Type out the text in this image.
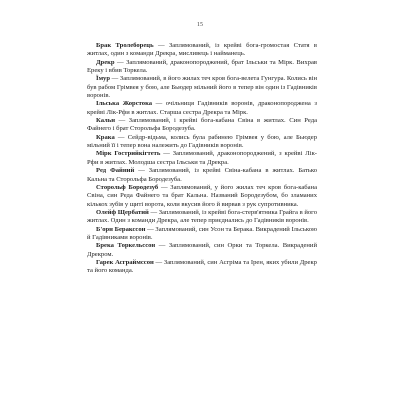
15

Брак Тролеборець — Заплямований, із крейві бога-громостая Статя в житлах, один з команди Дрекра, мисливець і найманець.

Дрекр — Заплямований, драконопороджений, брат Ільськи та Мірк. Вихрав Ереку і вбив Торкела.

Їмур — Заплямований, в його жилах теч кров бога-велета Гунгура. Колись він був рабом Грімвея у бою, але Бьюдер мільний його в тепер він один із Гадівників воронів.

Ільська Жорстока — очільниця Гадівників воронів, драконопороджена з крейві Лік-Рфи в житлах. Старша сестра Дрекра та Мірк.

Кальн — Заплямований, і крейві бога-кабана Свіна в житлах. Син Реда Файнего і брат Сторольфа Бородезуба.

Крака — Сейдр-відьма, колись була рабинею Грімвея у бою, але Бьюдер мільний її і тепер вона належить до Гадівників воронів.

Мірк Гострийкігтеть — Заплямований, драконопороджений, з крейві Лік-Рфи в житлах. Молодша сестра Ільськи та Дрекра.

Ред Файний — Заплямований, із крейві Свіна-кабана в житлах. Батько Кальна та Сторольфа Бородезуба.

Сторольф Бородезуб — Заплямований, у його жилах теч кров бога-кабана Свіна, син Реда Файнего та брат Кальна. Названий Бородезубом, бо зламаних кількох зубів у щиті ворота, коли вкусив його й вирвав з рук супротивника.

Олейф Щербатий — Заплямований, із крейві бога-стерв'ятника Грайга в його житлах. Один з команди Дрекра, але тепер приєднались до Гадівників воронів.

Б'орн Бераксcон — Заплямований, син Усон та Беракa. Викрадений Ільською й Гадівниками воронів.

Брека Торкельссон — Заплямований, син Орки та Торкела. Викрадений Дрекром.

Гарек Асграймссон — Заплямований, син Асгріма та Ірен, яких убили Дрекр та його команда.
